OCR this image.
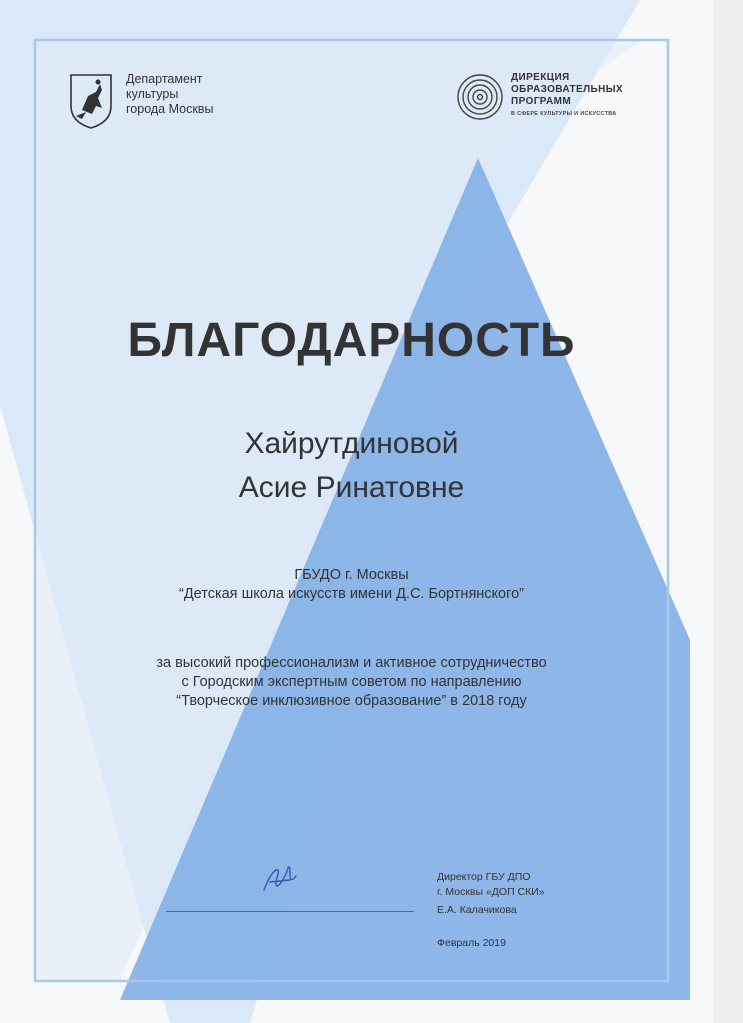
Департамент
культуры
города Москвы
ДИРЕКЦИЯ
ОБРАЗОВАТЕЛЬНЫХ
ПРОГРАММ
В СФЕРЕ КУЛЬТУРЫ И ИСКУССТВА
БЛАГОДАРНОСТЬ
Хайрутдиновой
Асие Ринатовне
ГБУДО г. Москвы
“Детская школа искусств имени Д.С. Бортнянского”
за высокий профессионализм и активное сотрудничество
с Городским экспертным советом по направлению
“Творческое инклюзивное образование” в 2018 году
Директор ГБУ ДПО
г. Москвы «ДОП СКИ»
Е.А. Калачикова
Февраль 2019
